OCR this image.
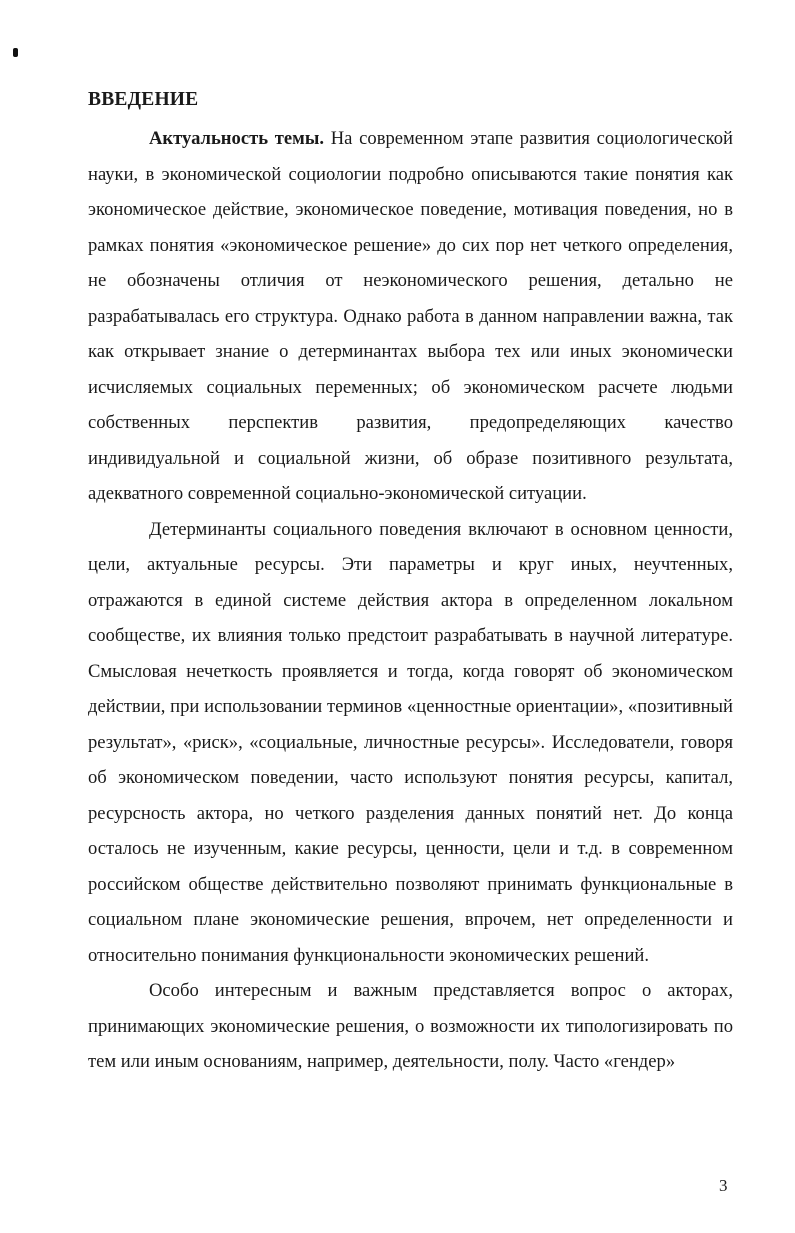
ВВЕДЕНИЕ

Актуальность темы. На современном этапе развития социологической науки, в экономической социологии подробно описываются такие понятия как экономическое действие, экономическое поведение, мотивация поведения, но в рамках понятия «экономическое решение» до сих пор нет четкого определения, не обозначены отличия от неэкономического решения, детально не разрабатывалась его структура. Однако работа в данном направлении важна, так как открывает знание о детерминантах выбора тех или иных экономически исчисляемых социальных переменных; об экономическом расчете людьми собственных перспектив развития, предопределяющих качество индивидуальной и социальной жизни, об образе позитивного результата, адекватного современной социально-экономической ситуации.

Детерминанты социального поведения включают в основном ценности, цели, актуальные ресурсы. Эти параметры и круг иных, неучтенных, отражаются в единой системе действия актора в определенном локальном сообществе, их влияния только предстоит разрабатывать в научной литературе. Смысловая нечеткость проявляется и тогда, когда говорят об экономическом действии, при использовании терминов «ценностные ориентации», «позитивный результат», «риск», «социальные, личностные ресурсы». Исследователи, говоря об экономическом поведении, часто используют понятия ресурсы, капитал, ресурсность актора, но четкого разделения данных понятий нет. До конца осталось не изученным, какие ресурсы, ценности, цели и т.д. в современном российском обществе действительно позволяют принимать функциональные в социальном плане экономические решения, впрочем, нет определенности и относительно понимания функциональности экономических решений.

Особо интересным и важным представляется вопрос о акторах, принимающих экономические решения, о возможности их типологизировать по тем или иным основаниям, например, деятельности, полу. Часто «гендер»

3
